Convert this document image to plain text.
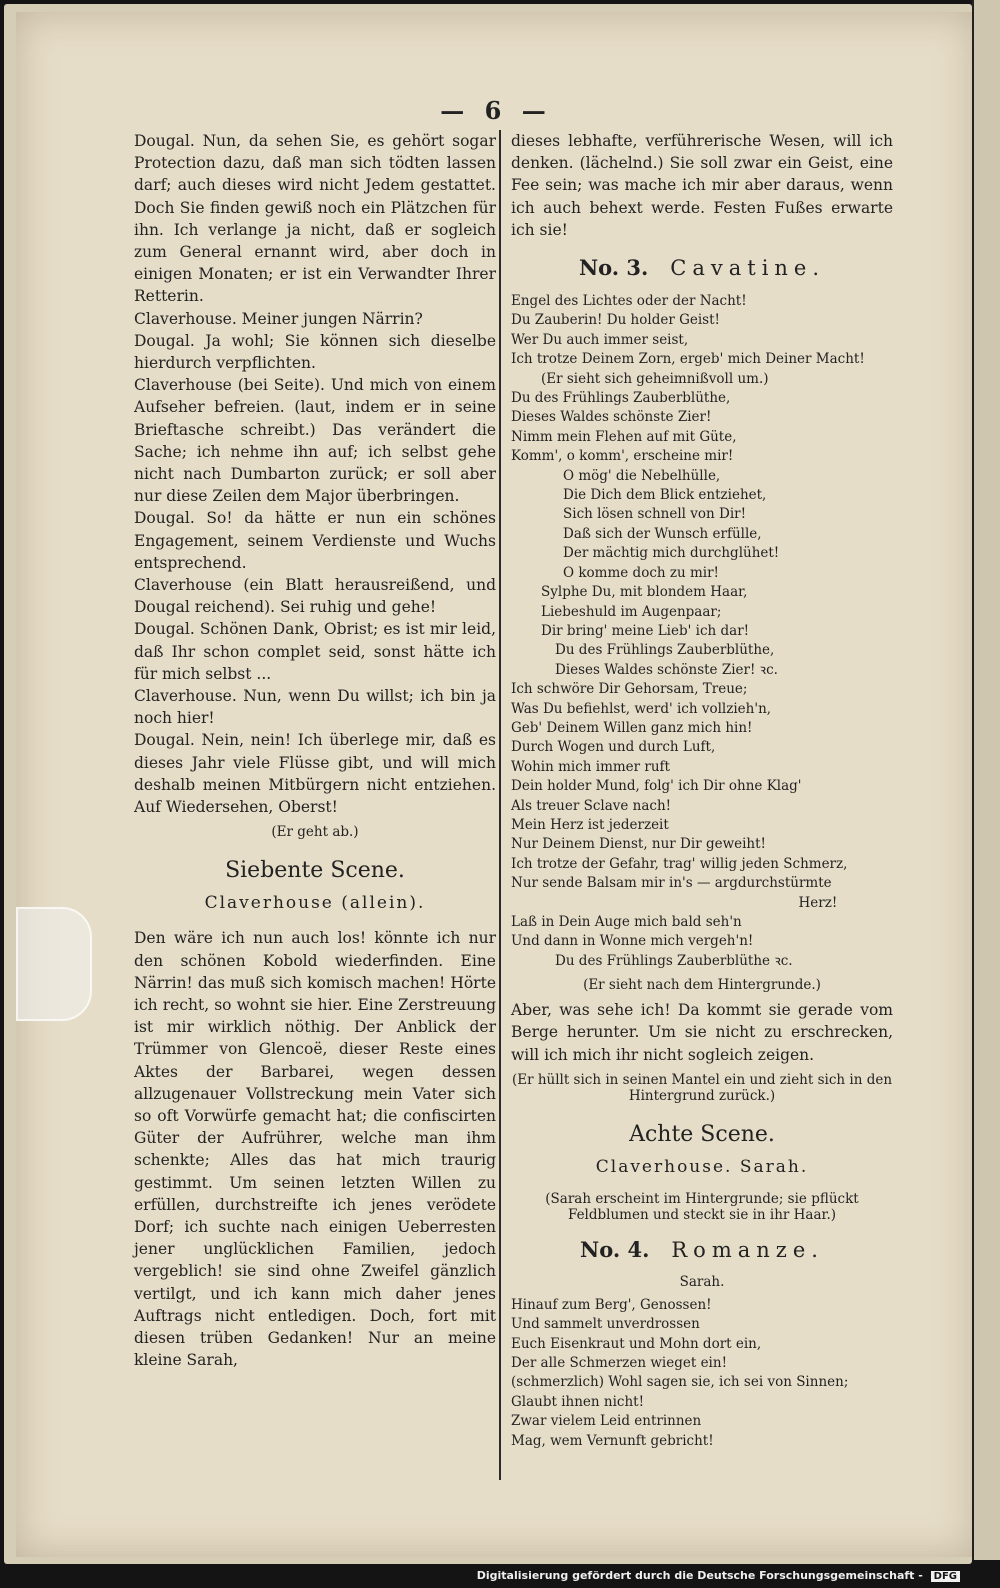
— 6 —

Dougal. Nun, da sehen Sie, es gehört sogar Protection dazu, daß man sich tödten lassen darf; auch dieses wird nicht Jedem gestattet. Doch Sie finden gewiß noch ein Plätzchen für ihn. Ich verlange ja nicht, daß er sogleich zum General ernannt wird, aber doch in einigen Monaten; er ist ein Verwandter Ihrer Retterin.

Claverhouse. Meiner jungen Närrin?

Dougal. Ja wohl; Sie können sich dieselbe hierdurch verpflichten.

Claverhouse (bei Seite). Und mich von einem Aufseher befreien. (laut, indem er in seine Brieftasche schreibt.) Das verändert die Sache; ich nehme ihn auf; ich selbst gehe nicht nach Dumbarton zurück; er soll aber nur diese Zeilen dem Major überbringen.

Dougal. So! da hätte er nun ein schönes Engagement, seinem Verdienste und Wuchs entsprechend.

Claverhouse (ein Blatt herausreißend, und Dougal reichend). Sei ruhig und gehe!

Dougal. Schönen Dank, Obrist; es ist mir leid, daß Ihr schon complet seid, sonst hätte ich für mich selbst ...

Claverhouse. Nun, wenn Du willst; ich bin ja noch hier!

Dougal. Nein, nein! Ich überlege mir, daß es dieses Jahr viele Flüsse gibt, und will mich deshalb meinen Mitbürgern nicht entziehen. Auf Wiedersehen, Oberst!

(Er geht ab.)

Siebente Scene.
Claverhouse (allein).

Den wäre ich nun auch los! könnte ich nur den schönen Kobold wiederfinden. Eine Närrin! das muß sich komisch machen! Hörte ich recht, so wohnt sie hier. Eine Zerstreuung ist mir wirklich nöthig. Der Anblick der Trümmer von Glencoë, dieser Reste eines Aktes der Barbarei, wegen dessen allzugenauer Vollstreckung mein Vater sich so oft Vorwürfe gemacht hat; die confiscirten Güter der Aufrührer, welche man ihm schenkte; Alles das hat mich traurig gestimmt. Um seinen letzten Willen zu erfüllen, durchstreifte ich jenes verödete Dorf; ich suchte nach einigen Ueberresten jener unglücklichen Familien, jedoch vergeblich! sie sind ohne Zweifel gänzlich vertilgt, und ich kann mich daher jenes Auftrags nicht entledigen. Doch, fort mit diesen trüben Gedanken! Nur an meine kleine Sarah,

dieses lebhafte, verführerische Wesen, will ich denken. (lächelnd.) Sie soll zwar ein Geist, eine Fee sein; was mache ich mir aber daraus, wenn ich auch behext werde. Festen Fußes erwarte ich sie!

No. 3. Cavatine.
Engel des Lichtes oder der Nacht!
Du Zauberin! Du holder Geist!
Wer Du auch immer seist,
Ich trotze Deinem Zorn, ergeb' mich Deiner Macht!
(Er sieht sich geheimnißvoll um.)
Du des Frühlings Zauberblüthe,
Dieses Waldes schönste Zier!
Nimm mein Flehen auf mit Güte,
Komm', o komm', erscheine mir!
O mög' die Nebelhülle,
Die Dich dem Blick entziehet,
Sich lösen schnell von Dir!
Daß sich der Wunsch erfülle,
Der mächtig mich durchglühet!
O komme doch zu mir!
Sylphe Du, mit blondem Haar,
Liebeshuld im Augenpaar;
Dir bring' meine Lieb' ich dar!
Du des Frühlings Zauberblüthe,
Dieses Waldes schönste Zier! ꝛc.
Ich schwöre Dir Gehorsam, Treue;
Was Du befiehlst, werd' ich vollzieh'n,
Geb' Deinem Willen ganz mich hin!
Durch Wogen und durch Luft,
Wohin mich immer ruft
Dein holder Mund, folg' ich Dir ohne Klag'
Als treuer Sclave nach!
Mein Herz ist jederzeit
Nur Deinem Dienst, nur Dir geweiht!
Ich trotze der Gefahr, trag' willig jeden Schmerz,
Nur sende Balsam mir in's — argdurchstürmte
Herz!
Laß in Dein Auge mich bald seh'n
Und dann in Wonne mich vergeh'n!
Du des Frühlings Zauberblüthe ꝛc.

(Er sieht nach dem Hintergrunde.)

Aber, was sehe ich! Da kommt sie gerade vom Berge herunter. Um sie nicht zu erschrecken, will ich mich ihr nicht sogleich zeigen.

(Er hüllt sich in seinen Mantel ein und zieht sich in den Hintergrund zurück.)

Achte Scene.
Claverhouse. Sarah.

(Sarah erscheint im Hintergrunde; sie pflückt Feldblumen und steckt sie in ihr Haar.)

No. 4. Romanze.
Sarah.
Hinauf zum Berg', Genossen!
Und sammelt unverdrossen
Euch Eisenkraut und Mohn dort ein,
Der alle Schmerzen wieget ein!
(schmerzlich) Wohl sagen sie, ich sei von Sinnen;
Glaubt ihnen nicht!
Zwar vielem Leid entrinnen
Mag, wem Vernunft gebricht!
Digitalisierung gefördert durch die Deutsche Forschungsgemeinschaft - DFG
